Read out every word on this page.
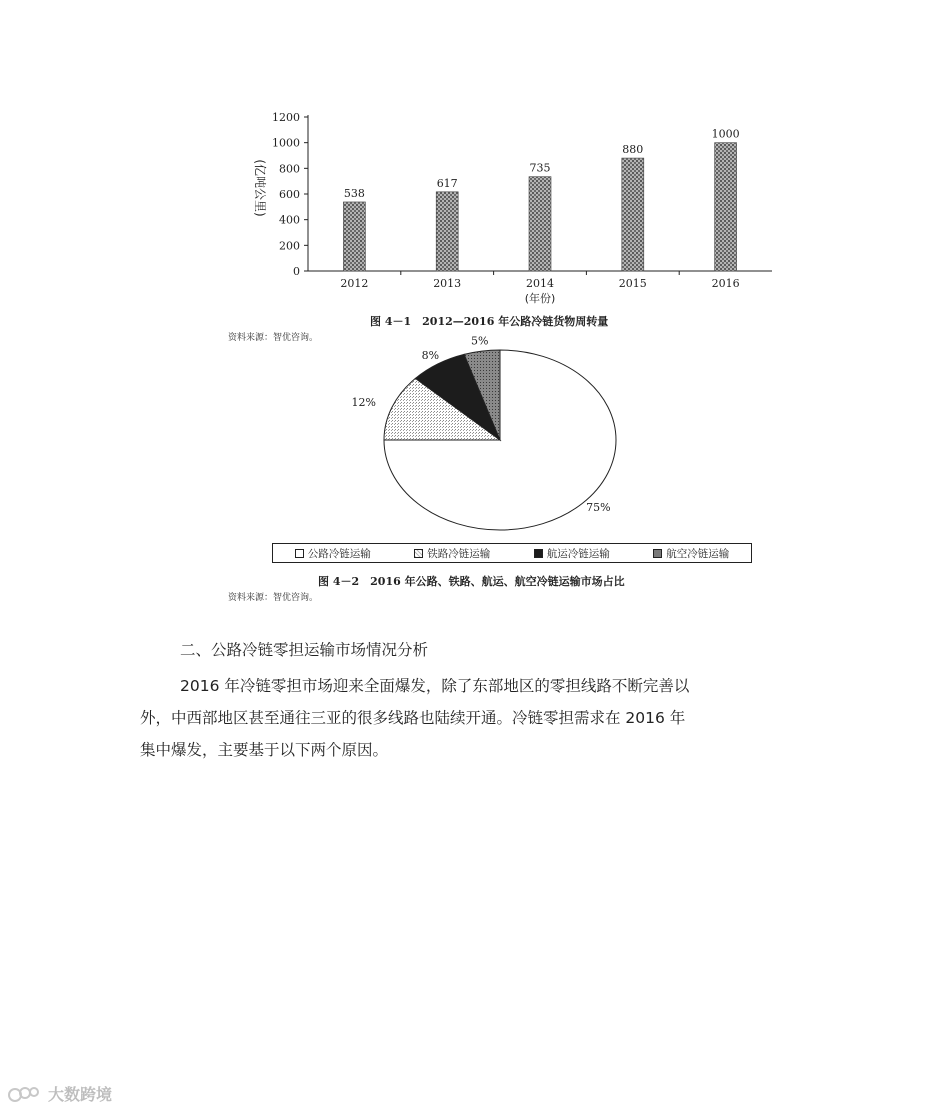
0
200
400
600
800
1000
1200
538
2012
617
2013
735
2014
880
2015
1000
2016
(年份)
(亿吨公里)
图 4－1　2012—2016 年公路冷链货物周转量
资料来源：智优咨询。
75%
12%
8%
5%
公路冷链运输	铁路冷链运输	航运冷链运输	航空冷链运输
图 4－2　2016 年公路、铁路、航运、航空冷链运输市场占比
资料来源：智优咨询。
二、公路冷链零担运输市场情况分析
2016 年冷链零担市场迎来全面爆发，除了东部地区的零担线路不断完善以
外，中西部地区甚至通往三亚的很多线路也陆续开通。冷链零担需求在 2016 年
集中爆发，主要基于以下两个原因。
大数跨境
